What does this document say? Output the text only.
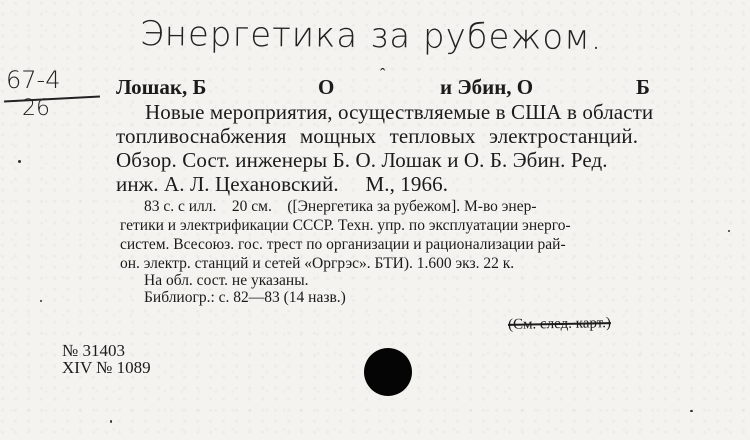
Энергетика за рубежом.
67-4
26
Лошак, Б	О
ˆ
и Эбин, О	Б
Новые мероприятия, осуществляемые в США в области
топливоснабжения мощных тепловых электростанций.
Обзор. Сост. инженеры Б. О. Лошак и О. Б. Эбин. Ред.
инж. А. Л. Цехановский.     М., 1966.
83 с. с илл.    20 см.    ([Энергетика за рубежом]. М-во энер-
гетики и электрификации СССР. Техн. упр. по эксплуатации энерго-
систем. Всесоюз. гос. трест по организации и рационализации рай-
он. электр. станций и сетей «Оргрэс». БТИ). 1.600 экз. 22 к.
На обл. сост. не указаны.
Библиогр.: с. 82—83 (14 назв.)
(См. след. карт.)
№ 31403
XIV № 1089
